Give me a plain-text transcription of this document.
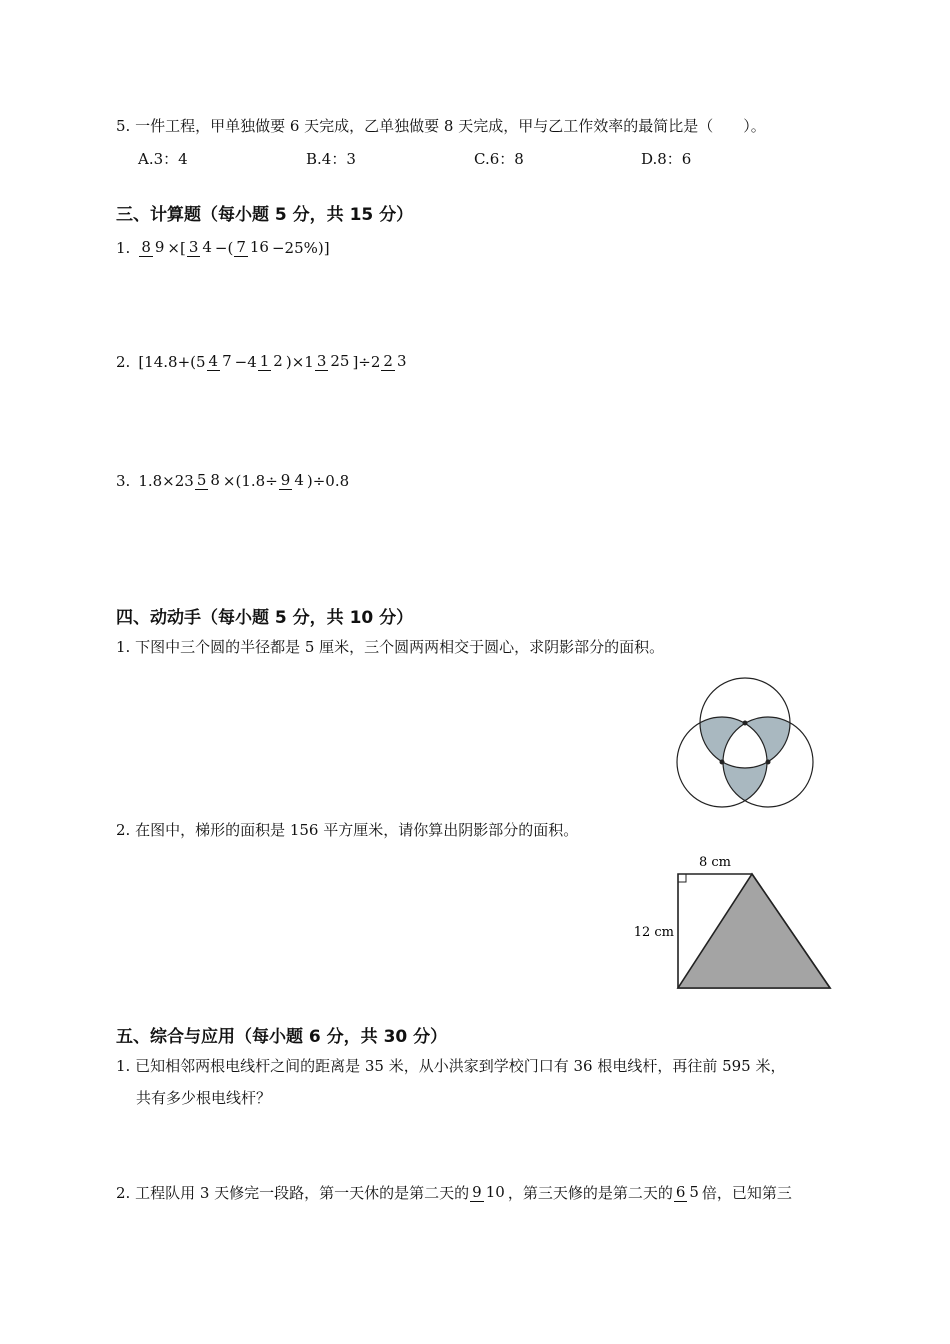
5. 一件工程，甲单独做要 6 天完成，乙单独做要 8 天完成，甲与乙工作效率的最简比是（　　）。
A.3：4	B.4：3	C.6：8	D.8：6
三、计算题（每小题 5 分，共 15 分）
1. 8 9 ×[ 3 4 −( 7 16 −25%)]
2. [14.8+(5 4 7 −4 1 2 )×1 3 25 ]÷2 2 3
3. 1.8×23 5 8 ×(1.8÷ 9 4 )÷0.8
四、动动手（每小题 5 分，共 10 分）
1. 下图中三个圆的半径都是 5 厘米，三个圆两两相交于圆心，求阴影部分的面积。
2. 在图中，梯形的面积是 156 平方厘米，请你算出阴影部分的面积。
8 cm
12 cm
五、综合与应用（每小题 6 分，共 30 分）
1. 已知相邻两根电线杆之间的距离是 35 米，从小洪家到学校门口有 36 根电线杆，再往前 595 米，
共有多少根电线杆？
2. 工程队用 3 天修完一段路，第一天休的是第二天的 9 10 ，第三天修的是第二天的 6 5 倍，已知第三
